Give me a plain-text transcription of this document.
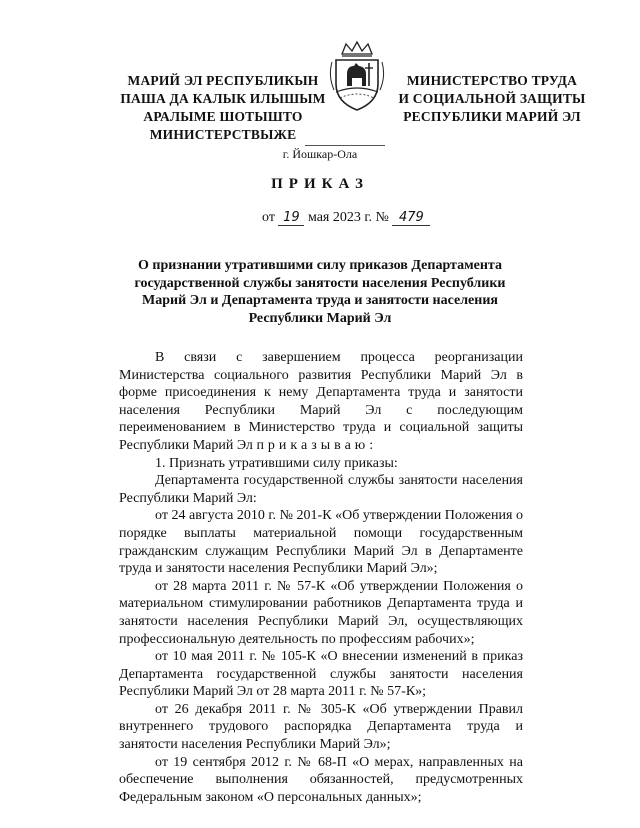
МАРИЙ ЭЛ РЕСПУБЛИКЫН
ПАША ДА КАЛЫК ИЛЫШЫМ
АРАЛЫМЕ ШОТЫШТО
МИНИСТЕРСТВЫЖЕ
МИНИСТЕРСТВО ТРУДА
И СОЦИАЛЬНОЙ ЗАЩИТЫ
РЕСПУБЛИКИ МАРИЙ ЭЛ
г. Йошкар-Ола
ПРИКАЗ
от 19 мая 2023 г. № 479
О признании утратившими силу приказов Департамента
государственной службы занятости населения Республики
Марий Эл и Департамента труда и занятости населения
Республики Марий Эл

В связи с завершением процесса реорганизации Министерства социального развития Республики Марий Эл в форме присоединения к нему Департамента труда и занятости населения Республики Марий Эл с последующим переименованием в Министерство труда и социальной защиты Республики Марий Эл приказываю:

1. Признать утратившими силу приказы:

Департамента государственной службы занятости населения Республики Марий Эл:

от 24 августа 2010 г. № 201-К «Об утверждении Положения о порядке выплаты материальной помощи государственным гражданским служащим Республики Марий Эл в Департаменте труда и занятости населения Республики Марий Эл»;

от 28 марта 2011 г. № 57-К «Об утверждении Положения о материальном стимулировании работников Департамента труда и занятости населения Республики Марий Эл, осуществляющих профессиональную деятельность по профессиям рабочих»;

от 10 мая 2011 г. № 105-К «О внесении изменений в приказ Департамента государственной службы занятости населения Республики Марий Эл от 28 марта 2011 г. № 57-К»;

от 26 декабря 2011 г. № 305-К «Об утверждении Правил внутреннего трудового распорядка Департамента труда и занятости населения Республики Марий Эл»;

от 19 сентября 2012 г. № 68-П «О мерах, направленных на обеспечение выполнения обязанностей, предусмотренных Федеральным законом «О персональных данных»;
